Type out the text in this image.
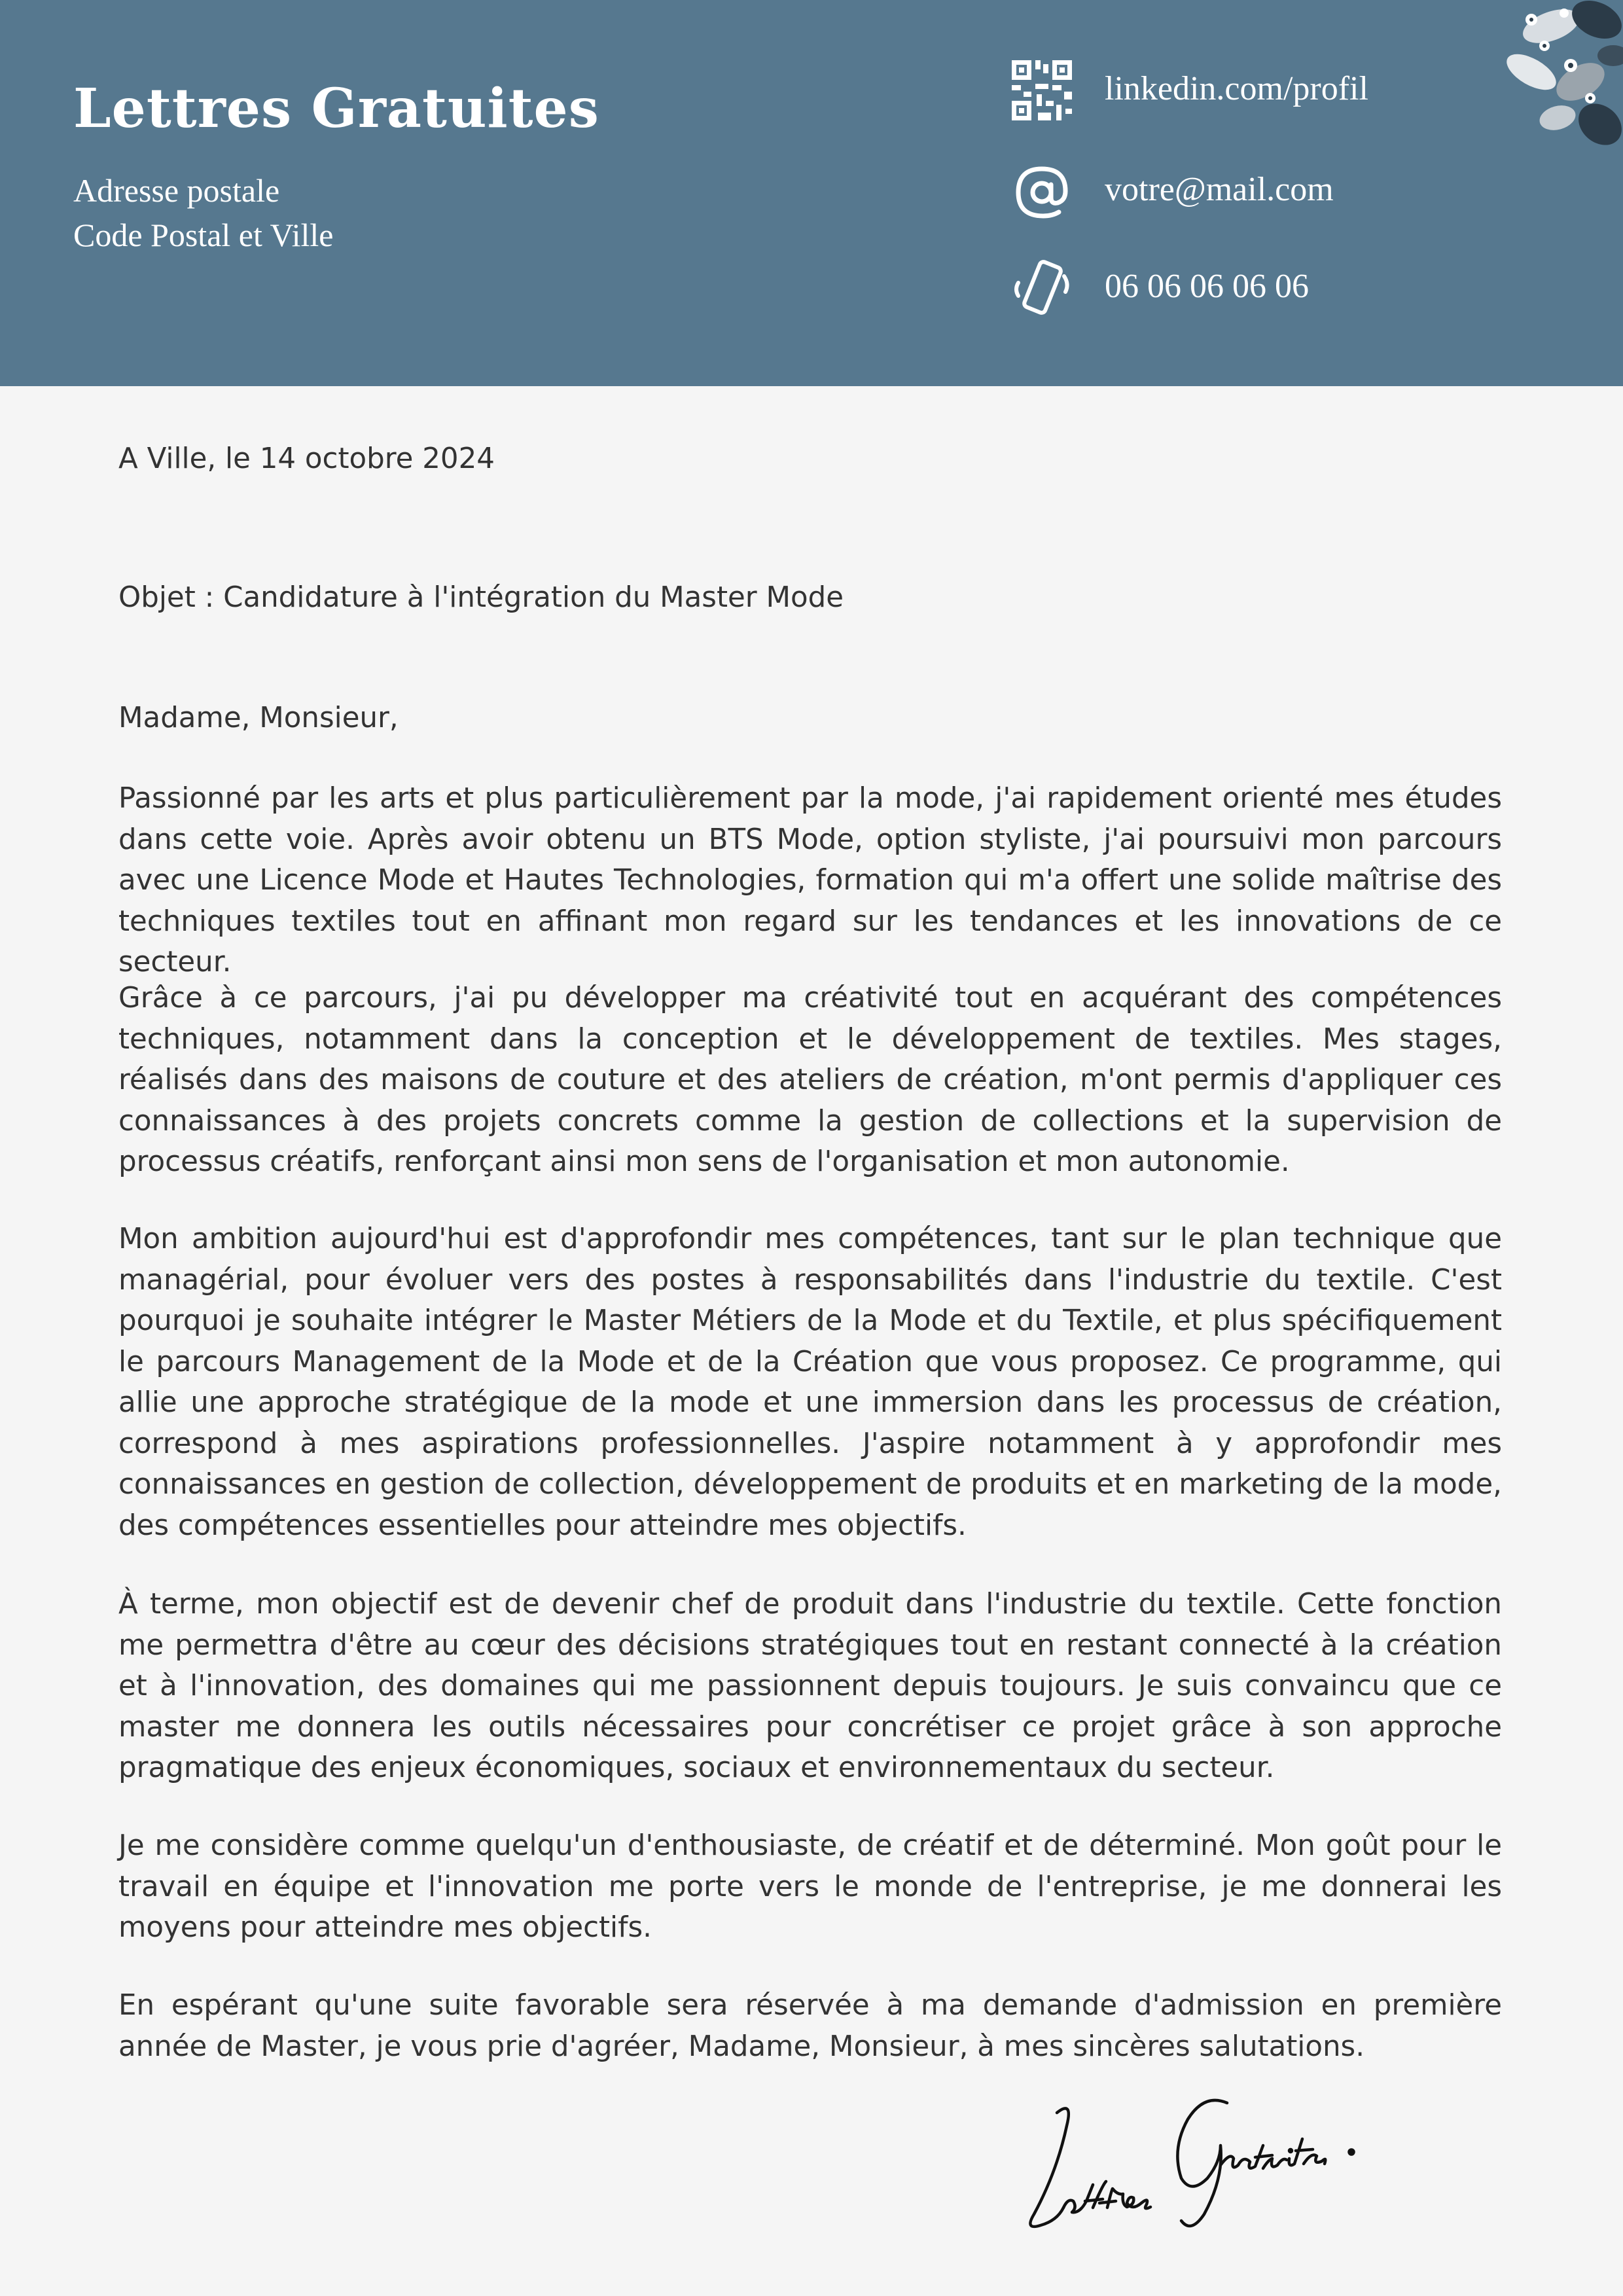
Lettres Gratuites
Adresse postale
Code Postal et Ville
linkedin.com/profil
votre@mail.com
06 06 06 06 06
A Ville, le 14 octobre 2024
Objet : Candidature à l'intégration du Master Mode
Madame, Monsieur,
Passionné par les arts et plus particulièrement par la mode, j'ai rapidement orienté mes études dans cette voie. Après avoir obtenu un BTS Mode, option styliste, j'ai poursuivi mon parcours avec une Licence Mode et Hautes Technologies, formation qui m'a offert une solide maîtrise des techniques textiles tout en affinant mon regard sur les tendances et les innovations de ce secteur.
Grâce à ce parcours, j'ai pu développer ma créativité tout en acquérant des compétences techniques, notamment dans la conception et le développement de textiles. Mes stages, réalisés dans des maisons de couture et des ateliers de création, m'ont permis d'appliquer ces connaissances à des projets concrets comme la gestion de collections et la supervision de processus créatifs, renforçant ainsi mon sens de l'organisation et mon autonomie.
Mon ambition aujourd'hui est d'approfondir mes compétences, tant sur le plan technique que managérial, pour évoluer vers des postes à responsabilités dans l'industrie du textile. C'est pourquoi je souhaite intégrer le Master Métiers de la Mode et du Textile, et plus spécifiquement le parcours Management de la Mode et de la Création que vous proposez. Ce programme, qui allie une approche stratégique de la mode et une immersion dans les processus de création, correspond à mes aspirations professionnelles. J'aspire notamment à y approfondir mes connaissances en gestion de collection, développement de produits et en marketing de la mode, des compétences essentielles pour atteindre mes objectifs.
À terme, mon objectif est de devenir chef de produit dans l'industrie du textile. Cette fonction me permettra d'être au cœur des décisions stratégiques tout en restant connecté à la création et à l'innovation, des domaines qui me passionnent depuis toujours. Je suis convaincu que ce master me donnera les outils nécessaires pour concrétiser ce projet grâce à son approche pragmatique des enjeux économiques, sociaux et environnementaux du secteur.
Je me considère comme quelqu'un d'enthousiaste, de créatif et de déterminé. Mon goût pour le travail en équipe et l'innovation me porte vers le monde de l'entreprise, je me donnerai les moyens pour atteindre mes objectifs.
En espérant qu'une suite favorable sera réservée à ma demande d'admission en première année de Master, je vous prie d'agréer, Madame, Monsieur, à mes sincères salutations.
